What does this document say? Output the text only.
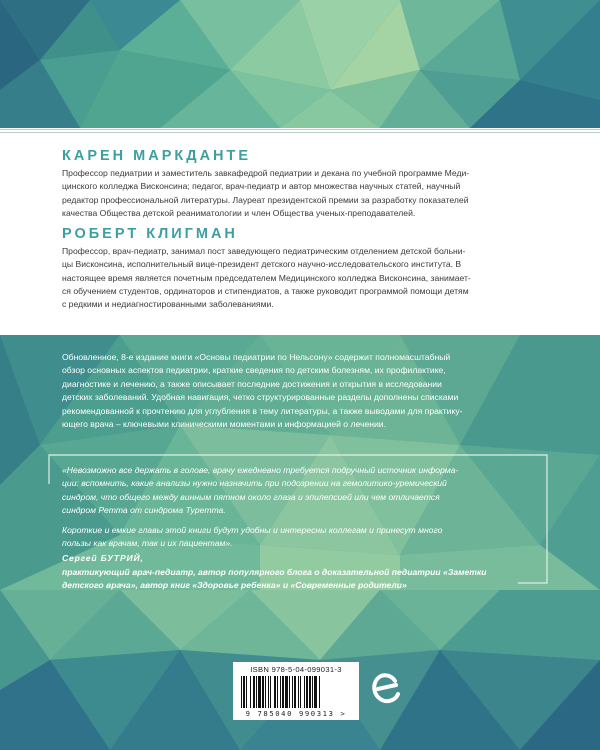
КАРЕН МАРКДАНТЕ
Профессор педиатрии и заместитель завкафедрой педиатрии и декана по учебной программе Меди-
цинского колледжа Висконсина; педагог, врач-педиатр и автор множества научных статей, научный
редактор профессиональной литературы. Лауреат президентской премии за разработку показателей
качества Общества детской реаниматологии и член Общества ученых-преподавателей.
РОБЕРТ КЛИГМАН
Профессор, врач-педиатр, занимал пост заведующего педиатрическим отделением детской больни-
цы Висконсина, исполнительный вице-президент детского научно-исследовательского института. В
настоящее время является почетным председателем Медицинского колледжа Висконсина, занимает-
ся обучением студентов, ординаторов и стипендиатов, а также руководит программой помощи детям
с редкими и недиагностированными заболеваниями.
Обновленное, 8-е издание книги «Основы педиатрии по Нельсону» содержит полномасштабный
обзор основных аспектов педиатрии, краткие сведения по детским болезням, их профилактике,
диагностике и лечению, а также описывает последние достижения и открытия в исследовании
детских заболеваний. Удобная навигация, четко структурированные разделы дополнены списками
рекомендованной к прочтению для углубления в тему литературы, а также выводами для практику-
ющего врача – ключевыми клиническими моментами и информацией о лечении.
«Невозможно все держать в голове, врачу ежедневно требуется подручный источник информа-
ции: вспомнить, какие анализы нужно назначить при подозрении на гемолитико-уремический
синдром, что общего между винным пятном около глаза и эпилепсией или чем отличается
синдром Ретта от синдрома Туретта.
Короткие и емкие главы этой книги будут удобны и интересны коллегам и принесут много
пользы как врачам, так и их пациентам».
Сергей БУТРИЙ,
практикующий врач-педиатр, автор популярного блога о доказательной педиатрии «Заметки
детского врача», автор книг «Здоровье ребенка» и «Современные родители»
ISBN 978-5-04-099031-3
9 785040 990313 >
